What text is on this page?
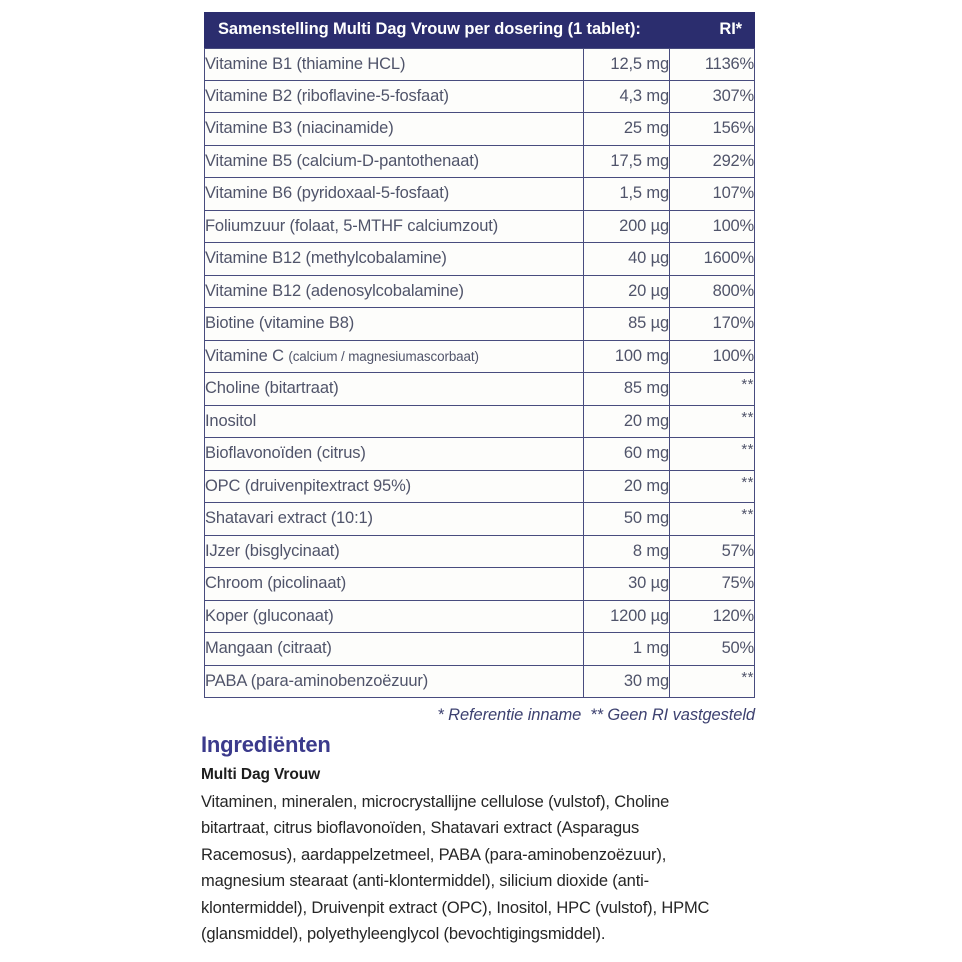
Samenstelling Multi Dag Vrouw per dosering (1 tablet):		RI*
Vitamine B1 (thiamine HCL)	12,5 mg	1136%
Vitamine B2 (riboflavine-5-fosfaat)	4,3 mg	307%
Vitamine B3 (niacinamide)	25 mg	156%
Vitamine B5 (calcium-D-pantothenaat)	17,5 mg	292%
Vitamine B6 (pyridoxaal-5-fosfaat)	1,5 mg	107%
Foliumzuur (folaat, 5-MTHF calciumzout)	200 µg	100%
Vitamine B12 (methylcobalamine)	40 µg	1600%
Vitamine B12 (adenosylcobalamine)	20 µg	800%
Biotine (vitamine B8)	85 µg	170%
Vitamine C (calcium / magnesiumascorbaat)	100 mg	100%
Choline (bitartraat)	85 mg	**
Inositol	20 mg	**
Bioflavonoïden (citrus)	60 mg	**
OPC (druivenpitextract 95%)	20 mg	**
Shatavari extract (10:1)	50 mg	**
IJzer (bisglycinaat)	8 mg	57%
Chroom (picolinaat)	30 µg	75%
Koper (gluconaat)	1200 µg	120%
Mangaan (citraat)	1 mg	50%
PABA (para-aminobenzoëzuur)	30 mg	**
* Referentie inname ** Geen RI vastgesteld
Ingrediënten

Multi Dag Vrouw

Vitaminen, mineralen, microcrystallijne cellulose (vulstof), Choline bitartraat, citrus bioflavonoïden, Shatavari extract (Asparagus Racemosus), aardappelzetmeel, PABA (para-aminobenzoëzuur), magnesium stearaat (anti-klontermiddel), silicium dioxide (anti-klontermiddel), Druivenpit extract (OPC), Inositol, HPC (vulstof), HPMC (glansmiddel), polyethyleenglycol (bevochtigingsmiddel).
